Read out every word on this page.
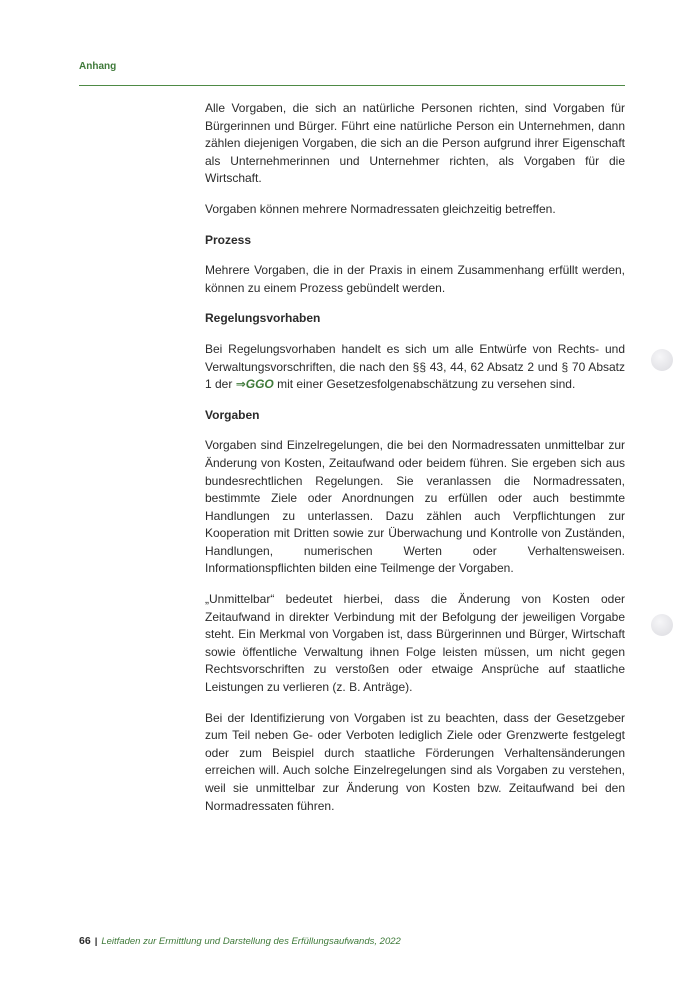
Anhang

Alle Vorgaben, die sich an natürliche Personen richten, sind Vorgaben für Bürgerinnen und Bürger. Führt eine natürliche Person ein Unternehmen, dann zählen diejenigen Vorgaben, die sich an die Person aufgrund ihrer Eigenschaft als Unternehmerinnen und Unternehmer richten, als Vorgaben für die Wirtschaft.

Vorgaben können mehrere Normadressaten gleichzeitig betreffen.

Prozess

Mehrere Vorgaben, die in der Praxis in einem Zusammenhang erfüllt werden, können zu einem Prozess gebündelt werden.

Regelungsvorhaben

Bei Regelungsvorhaben handelt es sich um alle Entwürfe von Rechts- und Verwaltungsvorschriften, die nach den §§ 43, 44, 62 Absatz 2 und § 70 Absatz 1 der ⇒GGO mit einer Gesetzesfolgenabschätzung zu versehen sind.

Vorgaben

Vorgaben sind Einzelregelungen, die bei den Normadressaten unmittelbar zur Änderung von Kosten, Zeitaufwand oder beidem führen. Sie ergeben sich aus bundesrechtlichen Regelungen. Sie veranlassen die Normadressaten, bestimmte Ziele oder Anordnungen zu erfüllen oder auch bestimmte Handlungen zu unterlassen. Dazu zählen auch Verpflichtungen zur Kooperation mit Dritten sowie zur Überwachung und Kontrolle von Zuständen, Handlungen, numerischen Werten oder Verhaltensweisen. Informationspflichten bilden eine Teilmenge der Vorgaben.

„Unmittelbar“ bedeutet hierbei, dass die Änderung von Kosten oder Zeitaufwand in direkter Verbindung mit der Befolgung der jeweiligen Vorgabe steht. Ein Merkmal von Vorgaben ist, dass Bürgerinnen und Bürger, Wirtschaft sowie öffentliche Verwaltung ihnen Folge leisten müssen, um nicht gegen Rechtsvorschriften zu verstoßen oder etwaige Ansprüche auf staatliche Leistungen zu verlieren (z. B. Anträge).

Bei der Identifizierung von Vorgaben ist zu beachten, dass der Gesetzgeber zum Teil neben Ge- oder Verboten lediglich Ziele oder Grenzwerte festgelegt oder zum Beispiel durch staatliche Förderungen Verhaltensänderungen erreichen will. Auch solche Einzelregelungen sind als Vorgaben zu verstehen, weil sie unmittelbar zur Änderung von Kosten bzw. Zeitaufwand bei den Normadressaten führen.

66 | Leitfaden zur Ermittlung und Darstellung des Erfüllungsaufwands, 2022
